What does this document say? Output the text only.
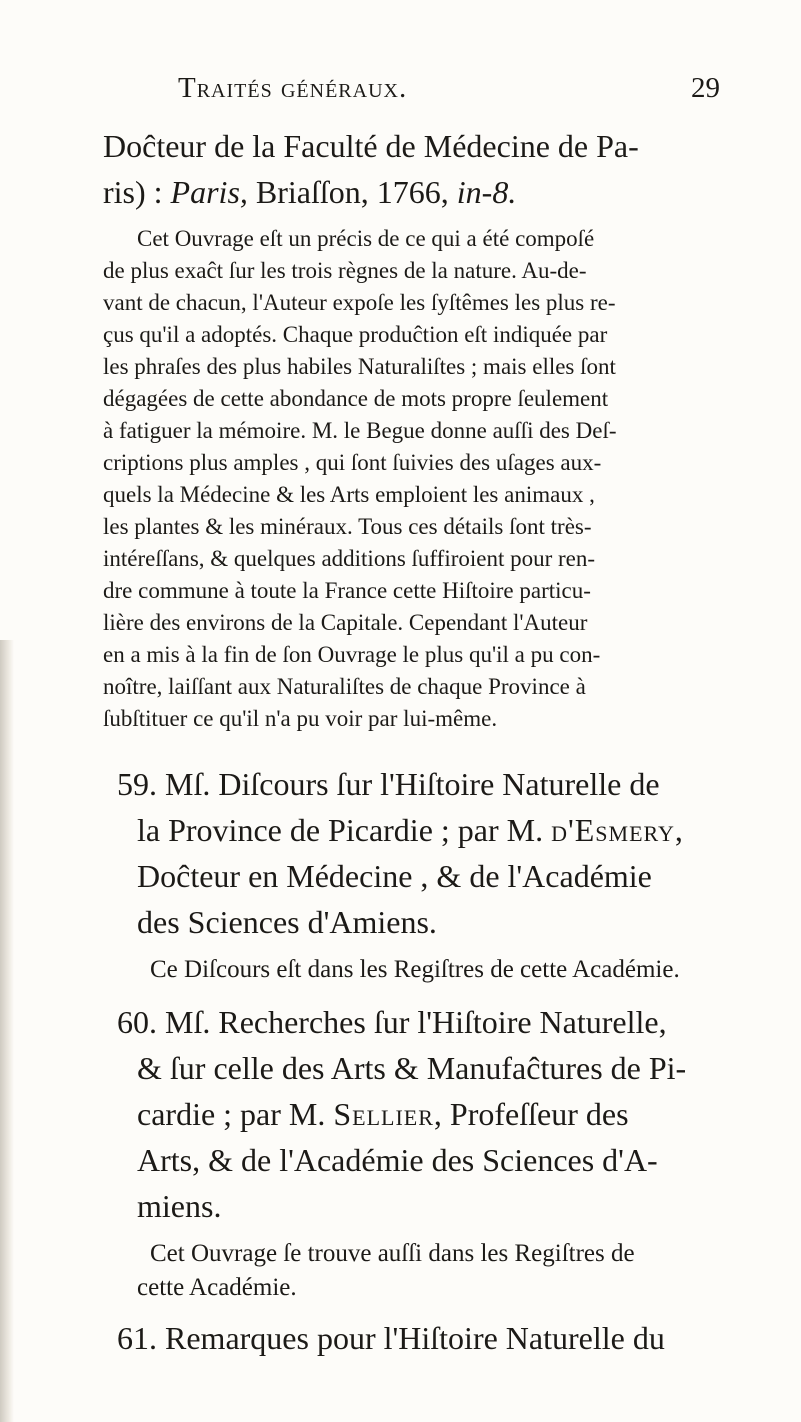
Traités généraux.	29
Doĉteur de la Faculté de Médecine de Pa-
ris) : Paris, Briaſſon, 1766, in-8.
Cet Ouvrage eſt un précis de ce qui a été compoſé
de plus exaĉt ſur les trois règnes de la nature. Au-de-
vant de chacun, l'Auteur expoſe les ſyſtêmes les plus re-
çus qu'il a adoptés. Chaque produĉtion eſt indiquée par
les phraſes des plus habiles Naturaliſtes ; mais elles ſont
dégagées de cette abondance de mots propre ſeulement
à fatiguer la mémoire. M. le Begue donne auſſi des Deſ-
criptions plus amples , qui ſont ſuivies des uſages aux-
quels la Médecine & les Arts emploient les animaux ,
les plantes & les minéraux. Tous ces détails ſont très-
intéreſſans, & quelques additions ſuffiroient pour ren-
dre commune à toute la France cette Hiſtoire particu-
lière des environs de la Capitale. Cependant l'Auteur
en a mis à la fin de ſon Ouvrage le plus qu'il a pu con-
noître, laiſſant aux Naturaliſtes de chaque Province à
ſubſtituer ce qu'il n'a pu voir par lui-même.
59. Mſ. Diſcours ſur l'Hiſtoire Naturelle de
la Province de Picardie ; par M. d'Esmery,
Doĉteur en Médecine , & de l'Académie
des Sciences d'Amiens.
Ce Diſcours eſt dans les Regiſtres de cette Académie.
60. Mſ. Recherches ſur l'Hiſtoire Naturelle,
& ſur celle des Arts & Manufaĉtures de Pi-
cardie ; par M. Sellier, Profeſſeur des
Arts, & de l'Académie des Sciences d'A-
miens.
Cet Ouvrage ſe trouve auſſi dans les Regiſtres de
cette Académie.
61. Remarques pour l'Hiſtoire Naturelle du
